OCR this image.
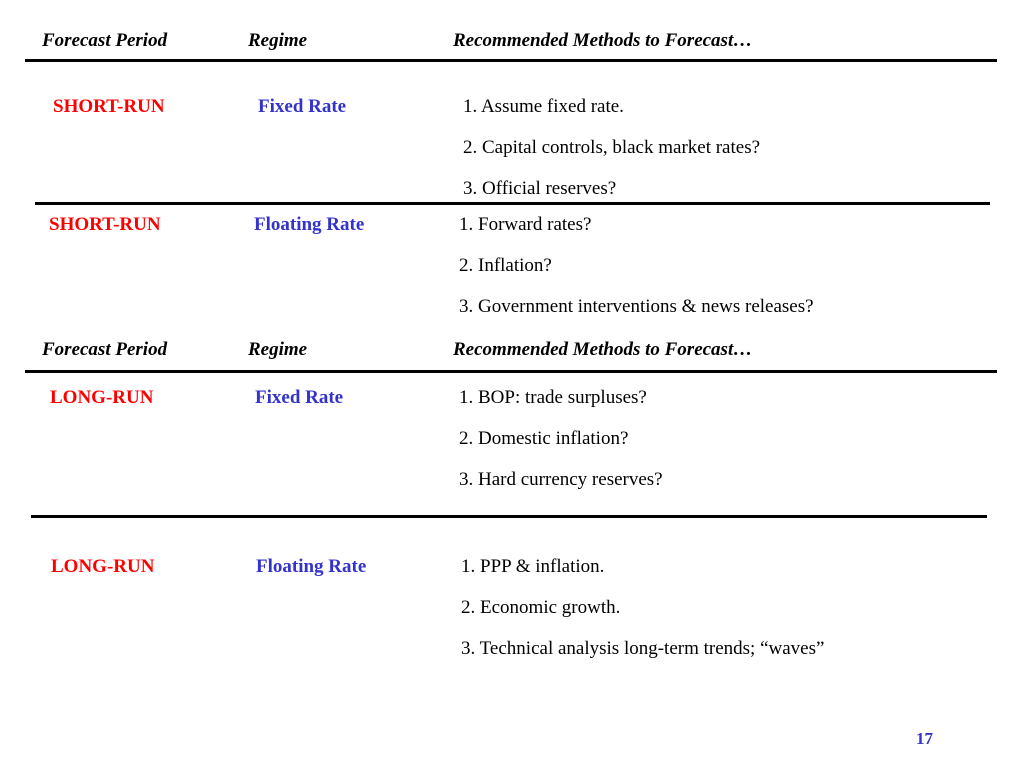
Forecast Period	Regime	Recommended Methods to Forecast…
SHORT-RUN	Fixed Rate	1. Assume fixed rate.
2. Capital controls, black market rates?
3. Official reserves?
SHORT-RUN	Floating Rate	1. Forward rates?
2. Inflation?
3. Government interventions & news releases?
Forecast Period	Regime	Recommended Methods to Forecast…
LONG-RUN	Fixed Rate	1. BOP: trade surpluses?
2. Domestic inflation?
3. Hard currency reserves?
LONG-RUN	Floating Rate	1. PPP & inflation.
2. Economic growth.
3. Technical analysis long-term trends; “waves”
17
